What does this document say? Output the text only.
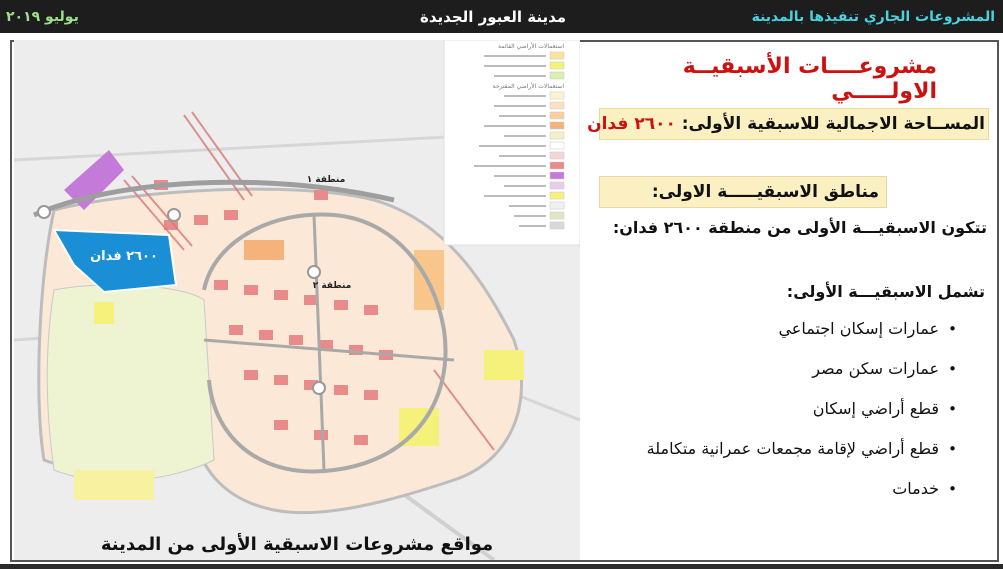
يوليو ٢٠١٩	مدينة العبور الجديدة	المشروعات الجاري تنفيذها بالمدينة
استعمالات الأراضي القائمة
استعمالات الأراضي المقترحة
٢٦٠٠ فدان
منطقة ١
منطقة ٢
مواقع مشروعات الاسبقية الأولى من المدينة
مشروعــــات الأسبقيــة الاولـــــي
المســاحة الاجمالية للاسبقية الأولى: ٢٦٠٠ فدان
مناطق الاسبقيـــــة الاولى:
تتكون الاسبقيـــة الأولى من منطقة ٢٦٠٠ فدان:
تشمل الاسبقيـــة الأولى:
• عمارات إسكان اجتماعي
• عمارات سكن مصر
• قطع أراضي إسكان
• قطع أراضي لإقامة مجمعات عمرانية متكاملة
• خدمات
